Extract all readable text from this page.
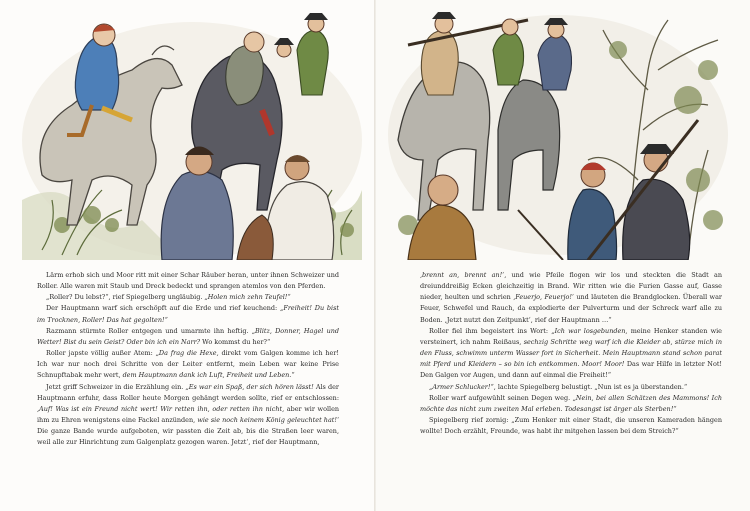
Lärm erhob sich und Moor ritt mit einer Schar Räuber heran, unter ihnen Schweizer und Roller. Alle waren mit Staub und Dreck bedeckt und sprangen atemlos von den Pferden.

„Roller? Du lebst?“, rief Spiegelberg ungläubig. „Holen mich zehn Teufel!“

Der Hauptmann warf sich erschöpft auf die Erde und rief keuchend: „Freiheit! Du bist im Trocknen, Roller! Das hat gegolten!“

Razmann stürmte Roller entgegen und umarmte ihn heftig. „Blitz, Donner, Hagel und Wetter! Bist du sein Geist? Oder bin ich ein Narr? Wo kommst du her?“

Roller japste völlig außer Atem: „Da frag die Hexe, direkt vom Galgen komme ich her! Ich war nur noch drei Schritte von der Leiter entfernt, mein Leben war keine Prise Schnupftabak mehr wert, dem Hauptmann dank ich Luft, Freiheit und Leben.“

Jetzt griff Schweizer in die Erzählung ein. „Es war ein Spaß, der sich hören lässt! Als der Hauptmann erfuhr, dass Roller heute Morgen gehängt werden sollte, rief er entschlossen: ‚Auf! Was ist ein Freund nicht wert! Wir retten ihn, oder retten ihn nicht, aber wir wollen ihm zu Ehren wenigstens eine Fackel anzünden, wie sie noch keinem König geleuchtet hat!‘ Die ganze Bande wurde aufgeboten, wir passten die Zeit ab, bis die Straßen leer waren, weil alle zur Hinrichtung zum Galgenplatz gezogen waren. Jetzt‘, rief der Hauptmann,

‚brennt an, brennt an!‘, und wie Pfeile flogen wir los und steckten die Stadt an dreiunddreißig Ecken gleichzeitig in Brand. Wir ritten wie die Furien Gasse auf, Gasse nieder, heulten und schrien ‚Feuerjo, Feuerjo!‘ und läuteten die Brandglocken. Überall war Feuer, Schwefel und Rauch, da explodierte der Pulverturm und der Schreck warf alle zu Boden. ‚Jetzt nutzt den Zeitpunkt‘, rief der Hauptmann …“

Roller fiel ihm begeistert ins Wort: „Ich war losgebunden, meine Henker standen wie versteinert, ich nahm Reißaus, sechzig Schritte weg warf ich die Kleider ab, stürze mich in den Fluss, schwimm unterm Wasser fort in Sicherheit. Mein Hauptmann stand schon parat mit Pferd und Kleidern – so bin ich entkommen. Moor! Moor! Das war Hilfe in letzter Not! Den Galgen vor Augen, und dann auf einmal die Freiheit!“

„Armer Schlucker!“, lachte Spiegelberg belustigt. „Nun ist es ja überstanden.“

Roller warf aufgewühlt seinen Degen weg. „Nein, bei allen Schätzen des Mammons! Ich möchte das nicht zum zweiten Mal erleben. Todesangst ist ärger als Sterben!“

Spiegelberg rief zornig: „Zum Henker mit einer Stadt, die unseren Kameraden hängen wollte! Doch erzählt, Freunde, was habt ihr mitgehen lassen bei dem Streich?“
